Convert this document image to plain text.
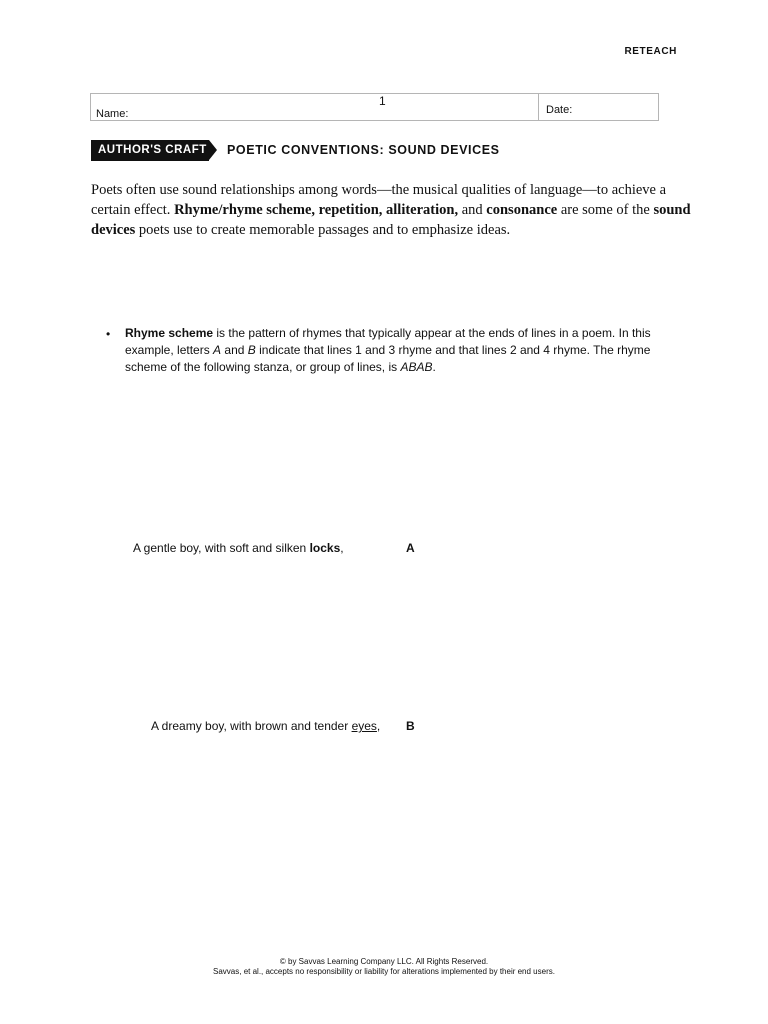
RETEACH
1
Name:	Date:
AUTHOR'S CRAFT POETIC CONVENTIONS: SOUND DEVICES
Poets often use sound relationships among words—the musical qualities of language—to achieve a certain effect. Rhyme/rhyme scheme, repetition, alliteration, and consonance are some of the sound devices poets use to create memorable passages and to emphasize ideas.
• Rhyme scheme is the pattern of rhymes that typically appear at the ends of lines in a poem. In this example, letters A and B indicate that lines 1 and 3 rhyme and that lines 2 and 4 rhyme. The rhyme scheme of the following stanza, or group of lines, is ABAB.
A gentle boy, with soft and silken locks,	A
A dreamy boy, with brown and tender eyes, B
© by Savvas Learning Company LLC. All Rights Reserved.
Savvas, et al., accepts no responsibility or liability for alterations implemented by their end users.
